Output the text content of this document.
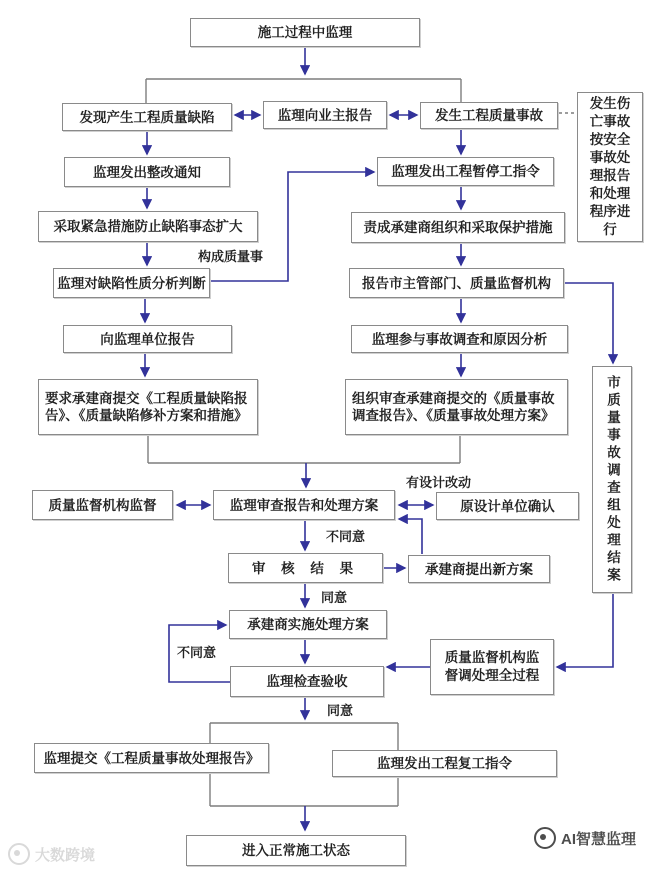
施工过程中监理
发现产生工程质量缺陷	监理向业主报告	发生工程质量事故
发生伤亡事故按安全事故处理报告和处理程序进行
监理发出整改通知	监理发出工程暂停工指令
采取紧急措施防止缺陷事态扩大	责成承建商组织和采取保护措施
监理对缺陷性质分析判断	报告市主管部门、质量监督机构
向监理单位报告	监理参与事故调查和原因分析
要求承建商提交《工程质量缺陷报告》、《质量缺陷修补方案和措施》
组织审查承建商提交的《质量事故调查报告》、《质量事故处理方案》	市质量事故调查组处理结案
质量监督机构监督	监理审查报告和处理方案	原设计单位确认
审 核 结 果	承建商提出新方案
承建商实施处理方案
监理检查验收
质量监督机构监督调处理全过程
监理提交《工程质量事故处理报告》	监理发出工程复工指令
进入正常施工状态
构成质量事
有设计改动
不同意
同意
不同意
同意
大数跨境
AI智慧监理
